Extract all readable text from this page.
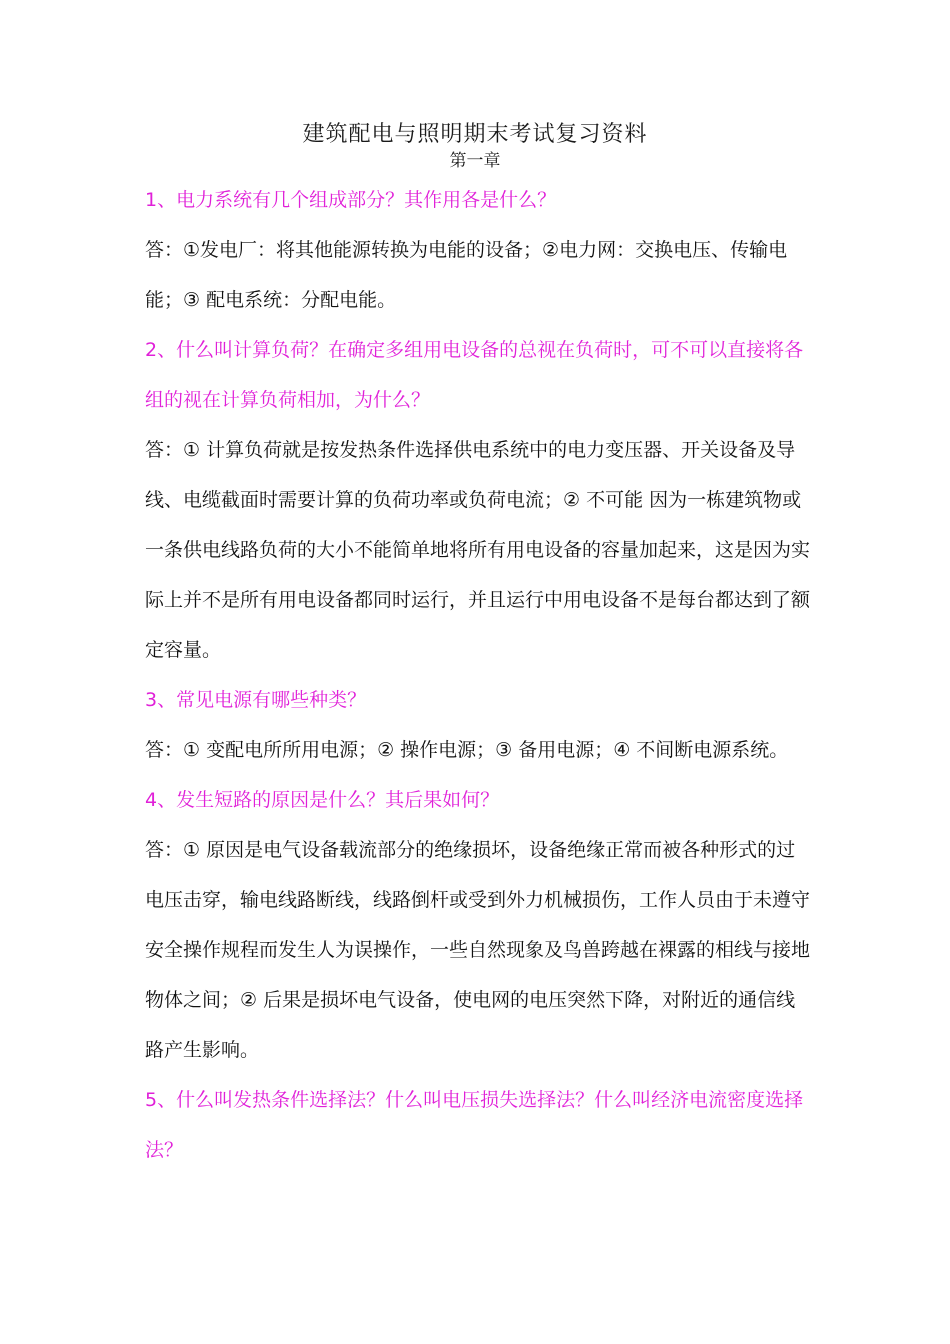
建筑配电与照明期末考试复习资料
第一章

1、电力系统有几个组成部分？其作用各是什么？

答：①发电厂：将其他能源转换为电能的设备；②电力网：交换电压、传输电能；③ 配电系统：分配电能。

2、什么叫计算负荷？在确定多组用电设备的总视在负荷时，可不可以直接将各组的视在计算负荷相加，为什么？

答：① 计算负荷就是按发热条件选择供电系统中的电力变压器、开关设备及导线、电缆截面时需要计算的负荷功率或负荷电流；② 不可能 因为一栋建筑物或一条供电线路负荷的大小不能简单地将所有用电设备的容量加起来，这是因为实际上并不是所有用电设备都同时运行，并且运行中用电设备不是每台都达到了额定容量。

3、常见电源有哪些种类？

答：① 变配电所所用电源；② 操作电源；③ 备用电源；④ 不间断电源系统。

4、发生短路的原因是什么？其后果如何？

答：① 原因是电气设备载流部分的绝缘损坏，设备绝缘正常而被各种形式的过电压击穿，输电线路断线，线路倒杆或受到外力机械损伤，工作人员由于未遵守安全操作规程而发生人为误操作，一些自然现象及鸟兽跨越在裸露的相线与接地物体之间；② 后果是损坏电气设备，使电网的电压突然下降，对附近的通信线路产生影响。

5、什么叫发热条件选择法？什么叫电压损失选择法？什么叫经济电流密度选择法？
